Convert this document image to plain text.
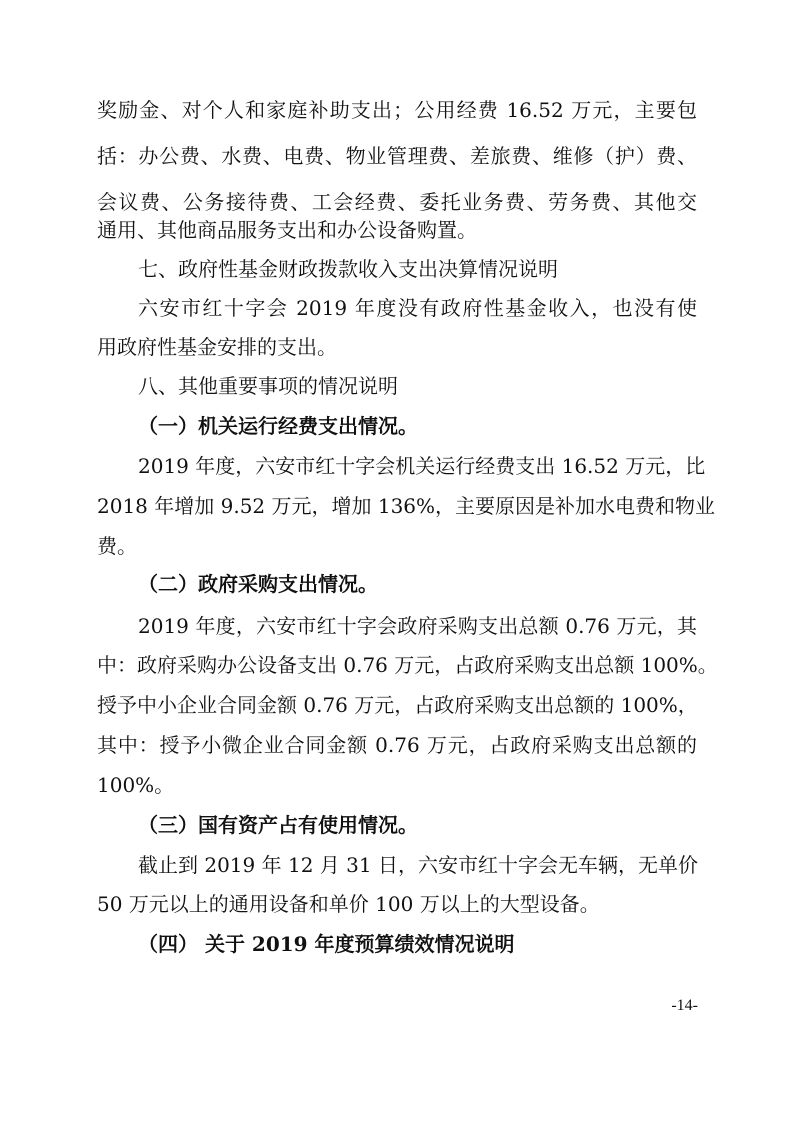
奖励金、对个人和家庭补助支出；公用经费 16.52 万元，主要包

括：办公费、水费、电费、物业管理费、差旅费、维修（护）费、

会议费、公务接待费、工会经费、委托业务费、劳务费、其他交

通用、其他商品服务支出和办公设备购置。

七、政府性基金财政拨款收入支出决算情况说明

六安市红十字会 2019 年度没有政府性基金收入，也没有使

用政府性基金安排的支出。

八、其他重要事项的情况说明

（一）机关运行经费支出情况。

2019 年度，六安市红十字会机关运行经费支出 16.52 万元，比

2018 年增加 9.52 万元，增加 136%，主要原因是补加水电费和物业

费。

（二）政府采购支出情况。

2019 年度，六安市红十字会政府采购支出总额 0.76 万元，其

中：政府采购办公设备支出 0.76 万元，占政府采购支出总额 100%。

授予中小企业合同金额 0.76 万元，占政府采购支出总额的 100%，

其中：授予小微企业合同金额 0.76 万元，占政府采购支出总额的

100%。

（三）国有资产占有使用情况。

截止到 2019 年 12 月 31 日，六安市红十字会无车辆，无单价

50 万元以上的通用设备和单价 100 万以上的大型设备。

（四） 关于 2019 年度预算绩效情况说明

-14-
